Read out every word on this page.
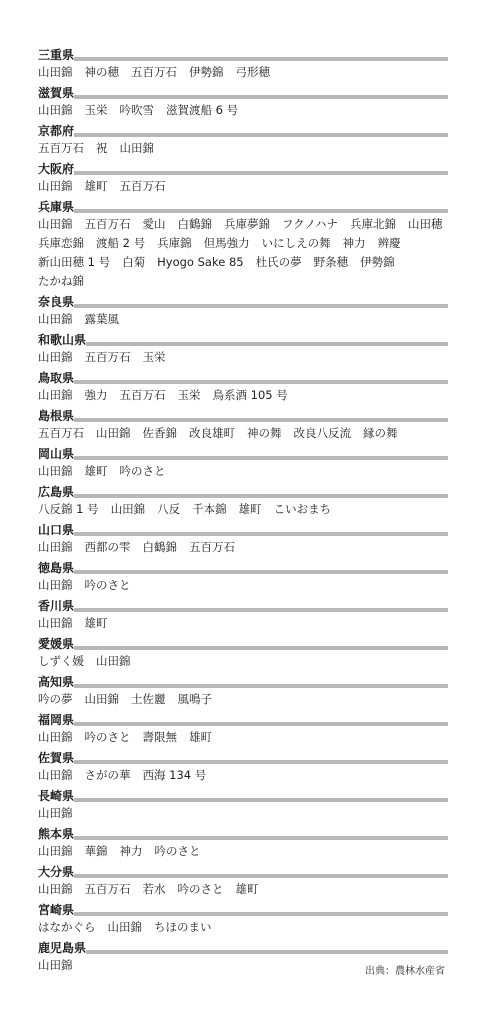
三重県
山田錦 神の穂 五百万石 伊勢錦 弓形穂
滋賀県
山田錦 玉栄 吟吹雪 滋賀渡船 6 号
京都府
五百万石 祝 山田錦
大阪府
山田錦 雄町 五百万石
兵庫県
山田錦 五百万石 愛山 白鶴錦 兵庫夢錦 フクノハナ 兵庫北錦 山田穂
兵庫恋錦 渡船 2 号 兵庫錦 但馬強力 いにしえの舞 神力 辨慶
新山田穂 1 号 白菊 Hyogo Sake 85 杜氏の夢 野条穂 伊勢錦
たかね錦
奈良県
山田錦 露葉風
和歌山県
山田錦 五百万石 玉栄
鳥取県
山田錦 強力 五百万石 玉栄 鳥系酒 105 号
島根県
五百万石 山田錦 佐香錦 改良雄町 神の舞 改良八反流 縁の舞
岡山県
山田錦 雄町 吟のさと
広島県
八反錦 1 号 山田錦 八反 千本錦 雄町 こいおまち
山口県
山田錦 西都の雫 白鶴錦 五百万石
徳島県
山田錦 吟のさと
香川県
山田錦 雄町
愛媛県
しずく媛 山田錦
高知県
吟の夢 山田錦 土佐麗 風鳴子
福岡県
山田錦 吟のさと 壽限無 雄町
佐賀県
山田錦 さがの華 西海 134 号
長崎県
山田錦
熊本県
山田錦 華錦 神力 吟のさと
大分県
山田錦 五百万石 若水 吟のさと 雄町
宮崎県
はなかぐら 山田錦 ちほのまい
鹿児島県
山田錦	出典：農林水産省
